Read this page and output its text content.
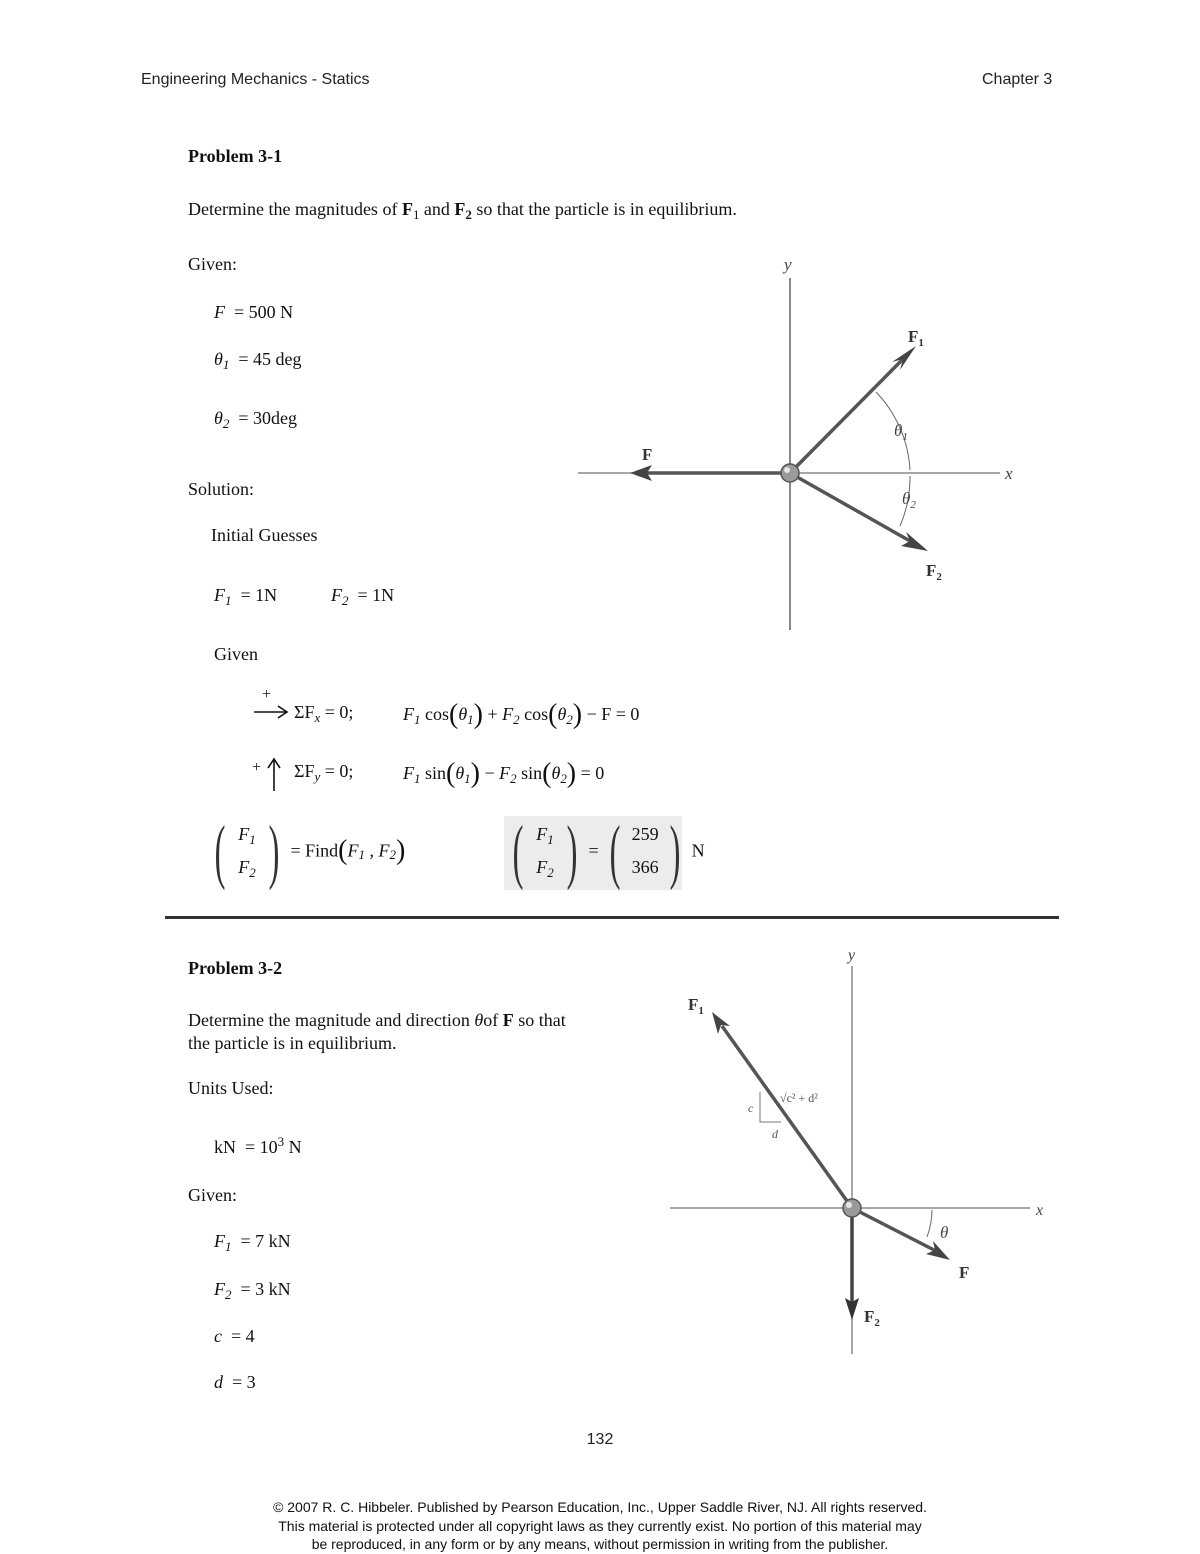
Engineering Mechanics - Statics	Chapter 3
Problem 3-1
Determine the magnitudes of $F_1$ and $F_2$ so that the particle is in equilibrium.
Given:
F = 500 N
$\theta_1 = 45$ deg
$\theta_2 = 30deg$
Solution:
Initial Guesses
$F_1 = 1N$	$F_2 = 1N$
Given
+
$\Sigma F_x = 0$;	$F_1$ $\cos(\theta_1) + F_2$ $\cos(\theta_2) - F = 0$
+ $\Sigma F_y = 0$;	$F_1$ $\sin(\theta_1) - F_2$ $\sin(\theta_2) = 0$
( $F_1$
$F_2$ ) = $Find(F_1$ , $F_2$) ( $F_1$
$F_2$ ) = ( 259
366 ) N
y
x
F
$F_1$
$F_2$
$\theta_1$
$\theta_2$
Problem 3-2
Determine the magnitude and direction θof F so that
the particle is in equilibrium.
Units Used:
kN = $10^3$ N
Given:
$F_1 = 7$ kN
$F_2 = 3$ kN
c = 4
d = 3
y
x
$F_1$
c
d
√c² + d²
$F_2$
F
θ
132
© 2007 R. C. Hibbeler. Published by Pearson Education, Inc., Upper Saddle River, NJ. All rights reserved.
This material is protected under all copyright laws as they currently exist. No portion of this material may
be reproduced, in any form or by any means, without permission in writing from the publisher.
